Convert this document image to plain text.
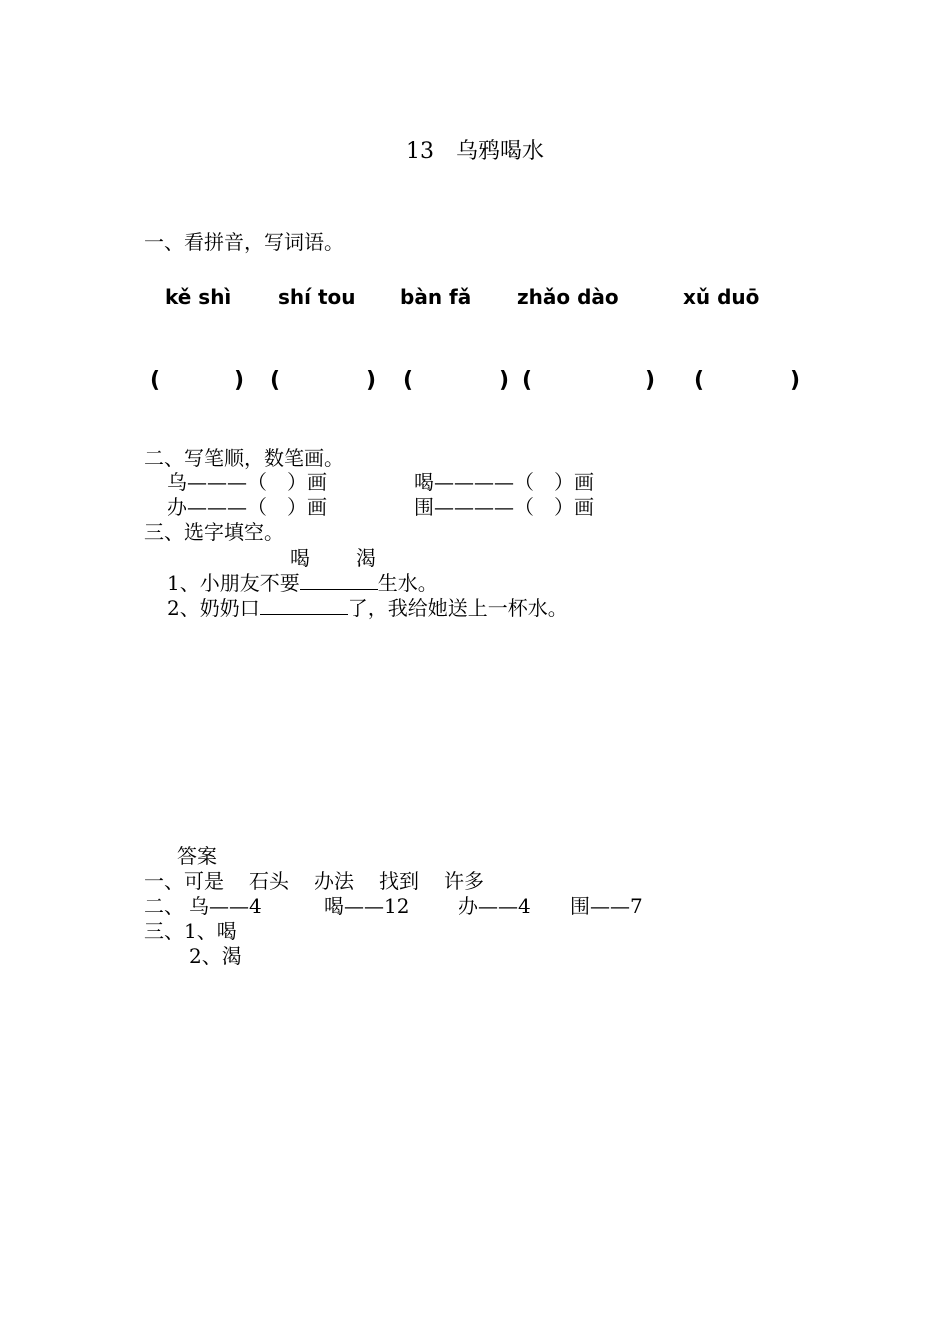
13 乌鸦喝水
一、看拼音，写词语。
kě shì shí tou bàn fǎ zhǎo dào	xǔ duō
(	) (	) (	) (	) (	)
二、写笔顺，数笔画。
乌———（　）画	喝————（　）画
办———（　）画	围————（　）画
三、选字填空。
喝 渴
1、小朋友不要	生水。
2、奶奶口	了，我给她送上一杯水。
答案
一、可是 石头 办法 找到 许多
二、 乌——4	喝——12 办——4 围——7
三、1、喝
2、渴
